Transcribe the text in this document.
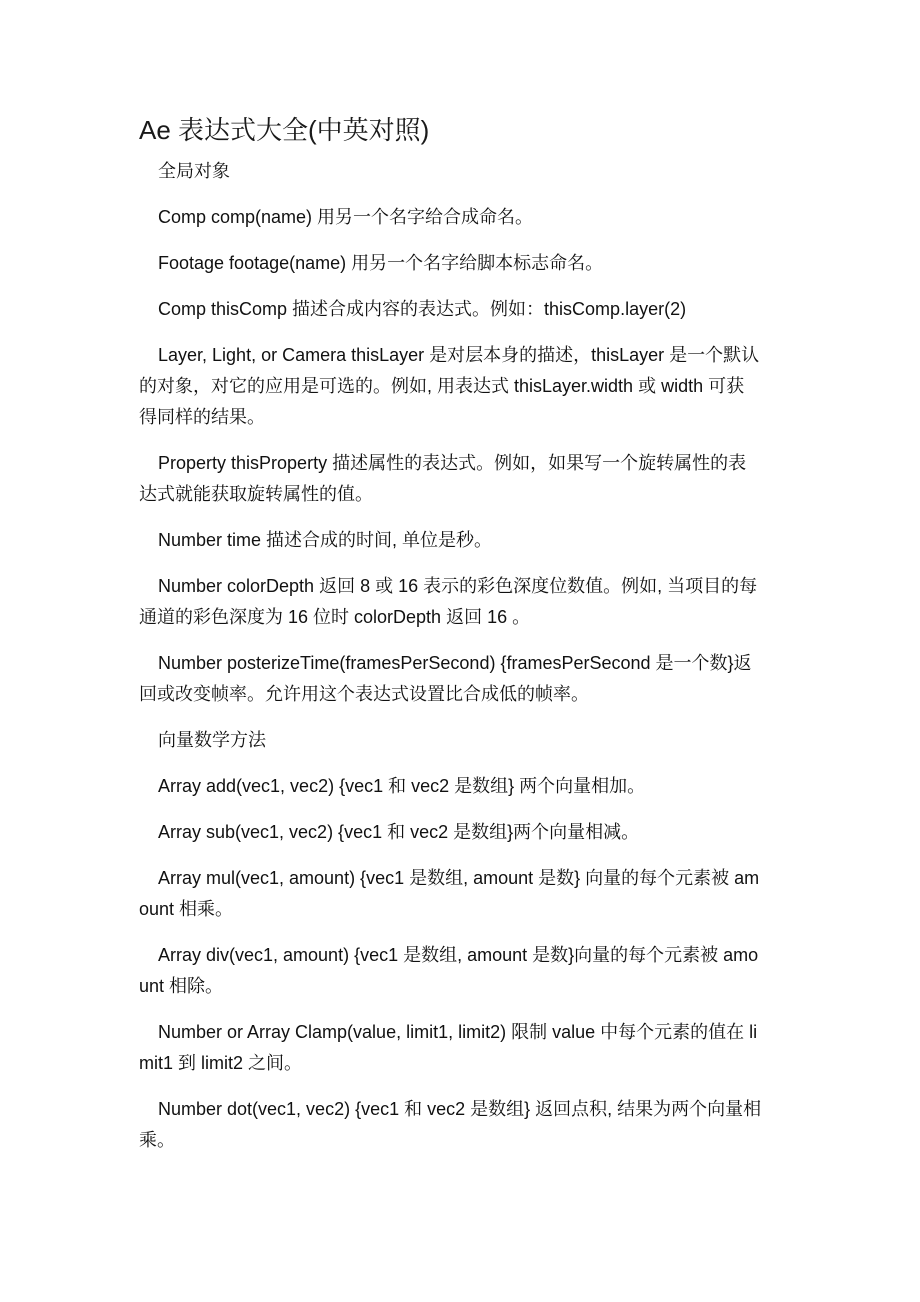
Ae 表达式大全(中英对照)
全局对象
Comp comp(name) 用另一个名字给合成命名。
Footage footage(name) 用另一个名字给脚本标志命名。
Comp thisComp 描述合成内容的表达式。例如：thisComp.layer(2)
Layer, Light, or Camera thisLayer 是对层本身的描述，thisLayer 是一个默认
的对象，对它的应用是可选的。例如, 用表达式 thisLayer.width 或 width 可获
得同样的结果。
Property thisProperty 描述属性的表达式。例如，如果写一个旋转属性的表
达式就能获取旋转属性的值。
Number time 描述合成的时间, 单位是秒。
Number colorDepth 返回 8 或 16 表示的彩色深度位数值。例如, 当项目的每
通道的彩色深度为 16 位时 colorDepth 返回 16 。
Number posterizeTime(framesPerSecond) {framesPerSecond 是一个数}返
回或改变帧率。允许用这个表达式设置比合成低的帧率。
向量数学方法
Array add(vec1, vec2) {vec1 和 vec2 是数组} 两个向量相加。
Array sub(vec1, vec2) {vec1 和 vec2 是数组}两个向量相减。
Array mul(vec1, amount) {vec1 是数组, amount 是数} 向量的每个元素被 am
ount 相乘。
Array div(vec1, amount) {vec1 是数组, amount 是数}向量的每个元素被 amo
unt 相除。
Number or Array Clamp(value, limit1, limit2) 限制 value 中每个元素的值在 li
mit1 到 limit2 之间。
Number dot(vec1, vec2) {vec1 和 vec2 是数组} 返回点积, 结果为两个向量相
乘。
